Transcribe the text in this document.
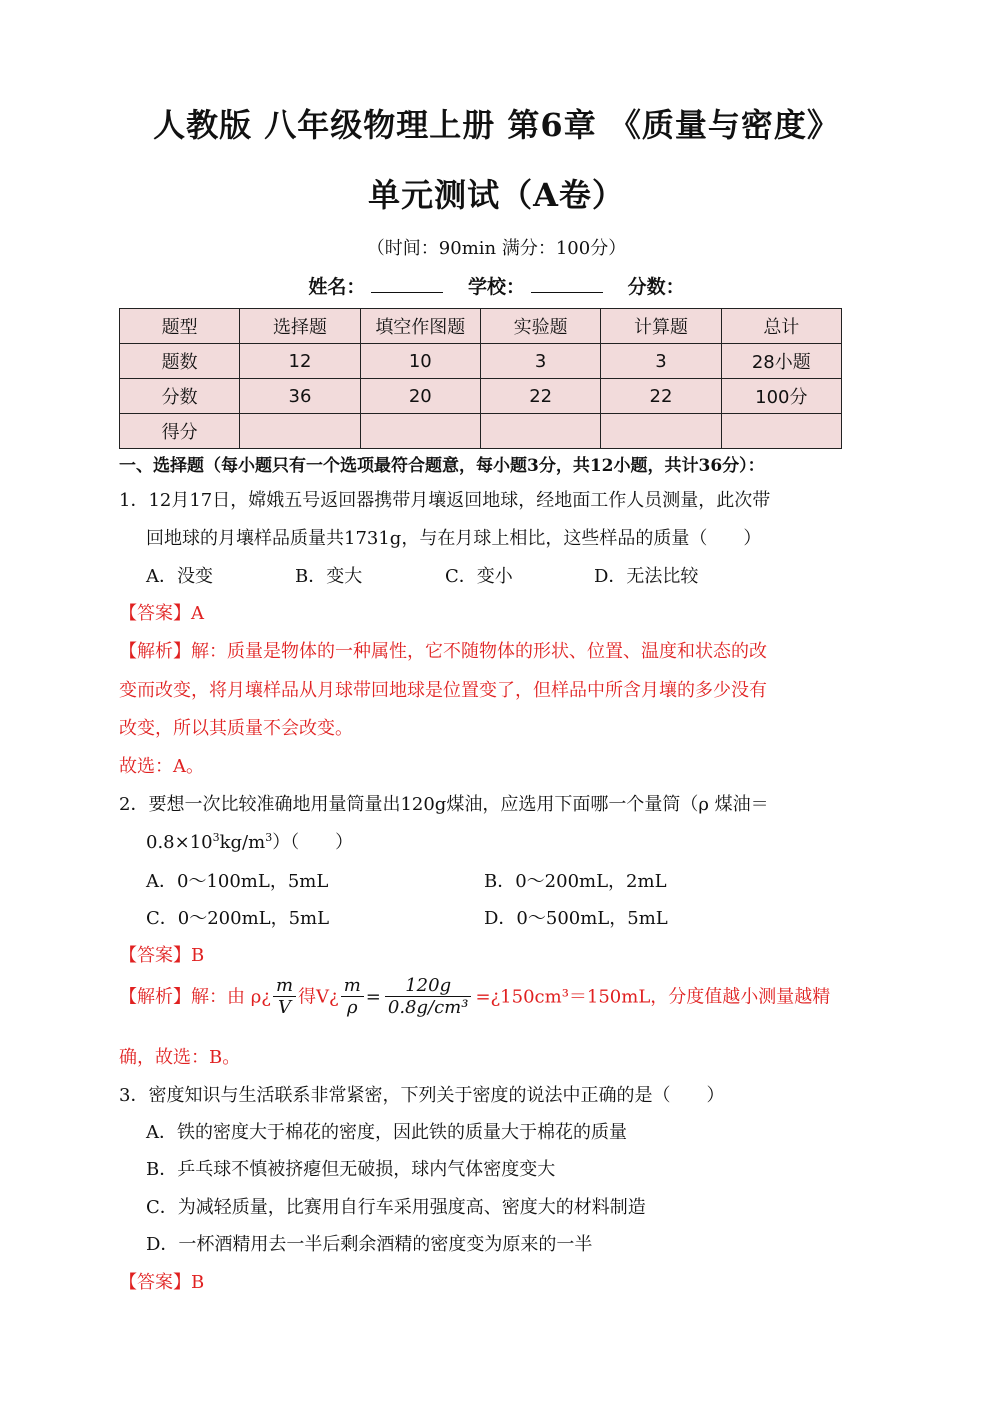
人教版 八年级物理上册 第6章 《质量与密度》
单元测试（A卷）
（时间：90min 满分：100分）
姓名：	学校：	分数：
题型	选择题	填空作图题	实验题	计算题	总计
题数	12	10	3	3	28小题
分数	36	20	22	22	100分
得分					
一、选择题（每小题只有一个选项最符合题意，每小题3分，共12小题，共计36分）：
1．12月17日，嫦娥五号返回器携带月壤返回地球，经地面工作人员测量，此次带
回地球的月壤样品质量共1731g，与在月球上相比，这些样品的质量（　　）
A．没变	B．变大	C．变小	D．无法比较
【答案】A
【解析】解：质量是物体的一种属性，它不随物体的形状、位置、温度和状态的改
变而改变，将月壤样品从月球带回地球是位置变了，但样品中所含月壤的多少没有
改变，所以其质量不会改变。
故选：A。
2．要想一次比较准确地用量筒量出120g煤油，应选用下面哪一个量筒（ρ 煤油＝
$0.8\times 10^3kg/m^3$）（　　）
A．0～100mL，5mL	B．0～200mL，2mL
C．0～200mL，5mL	D．0～500mL，5mL
【答案】B
【解析】解：由 ρ¿ $\frac{m}{V}$ 得V¿ $\frac{m}{\rho} = \frac{120g}{\text{0.8g/cm³}}$ =¿150cm³＝150mL，分度值越小测量越精
确，故选：B。
3．密度知识与生活联系非常紧密，下列关于密度的说法中正确的是（　　）
A．铁的密度大于棉花的密度，因此铁的质量大于棉花的质量
B．乒乓球不慎被挤瘪但无破损，球内气体密度变大
C．为减轻质量，比赛用自行车采用强度高、密度大的材料制造
D．一杯酒精用去一半后剩余酒精的密度变为原来的一半
【答案】B
